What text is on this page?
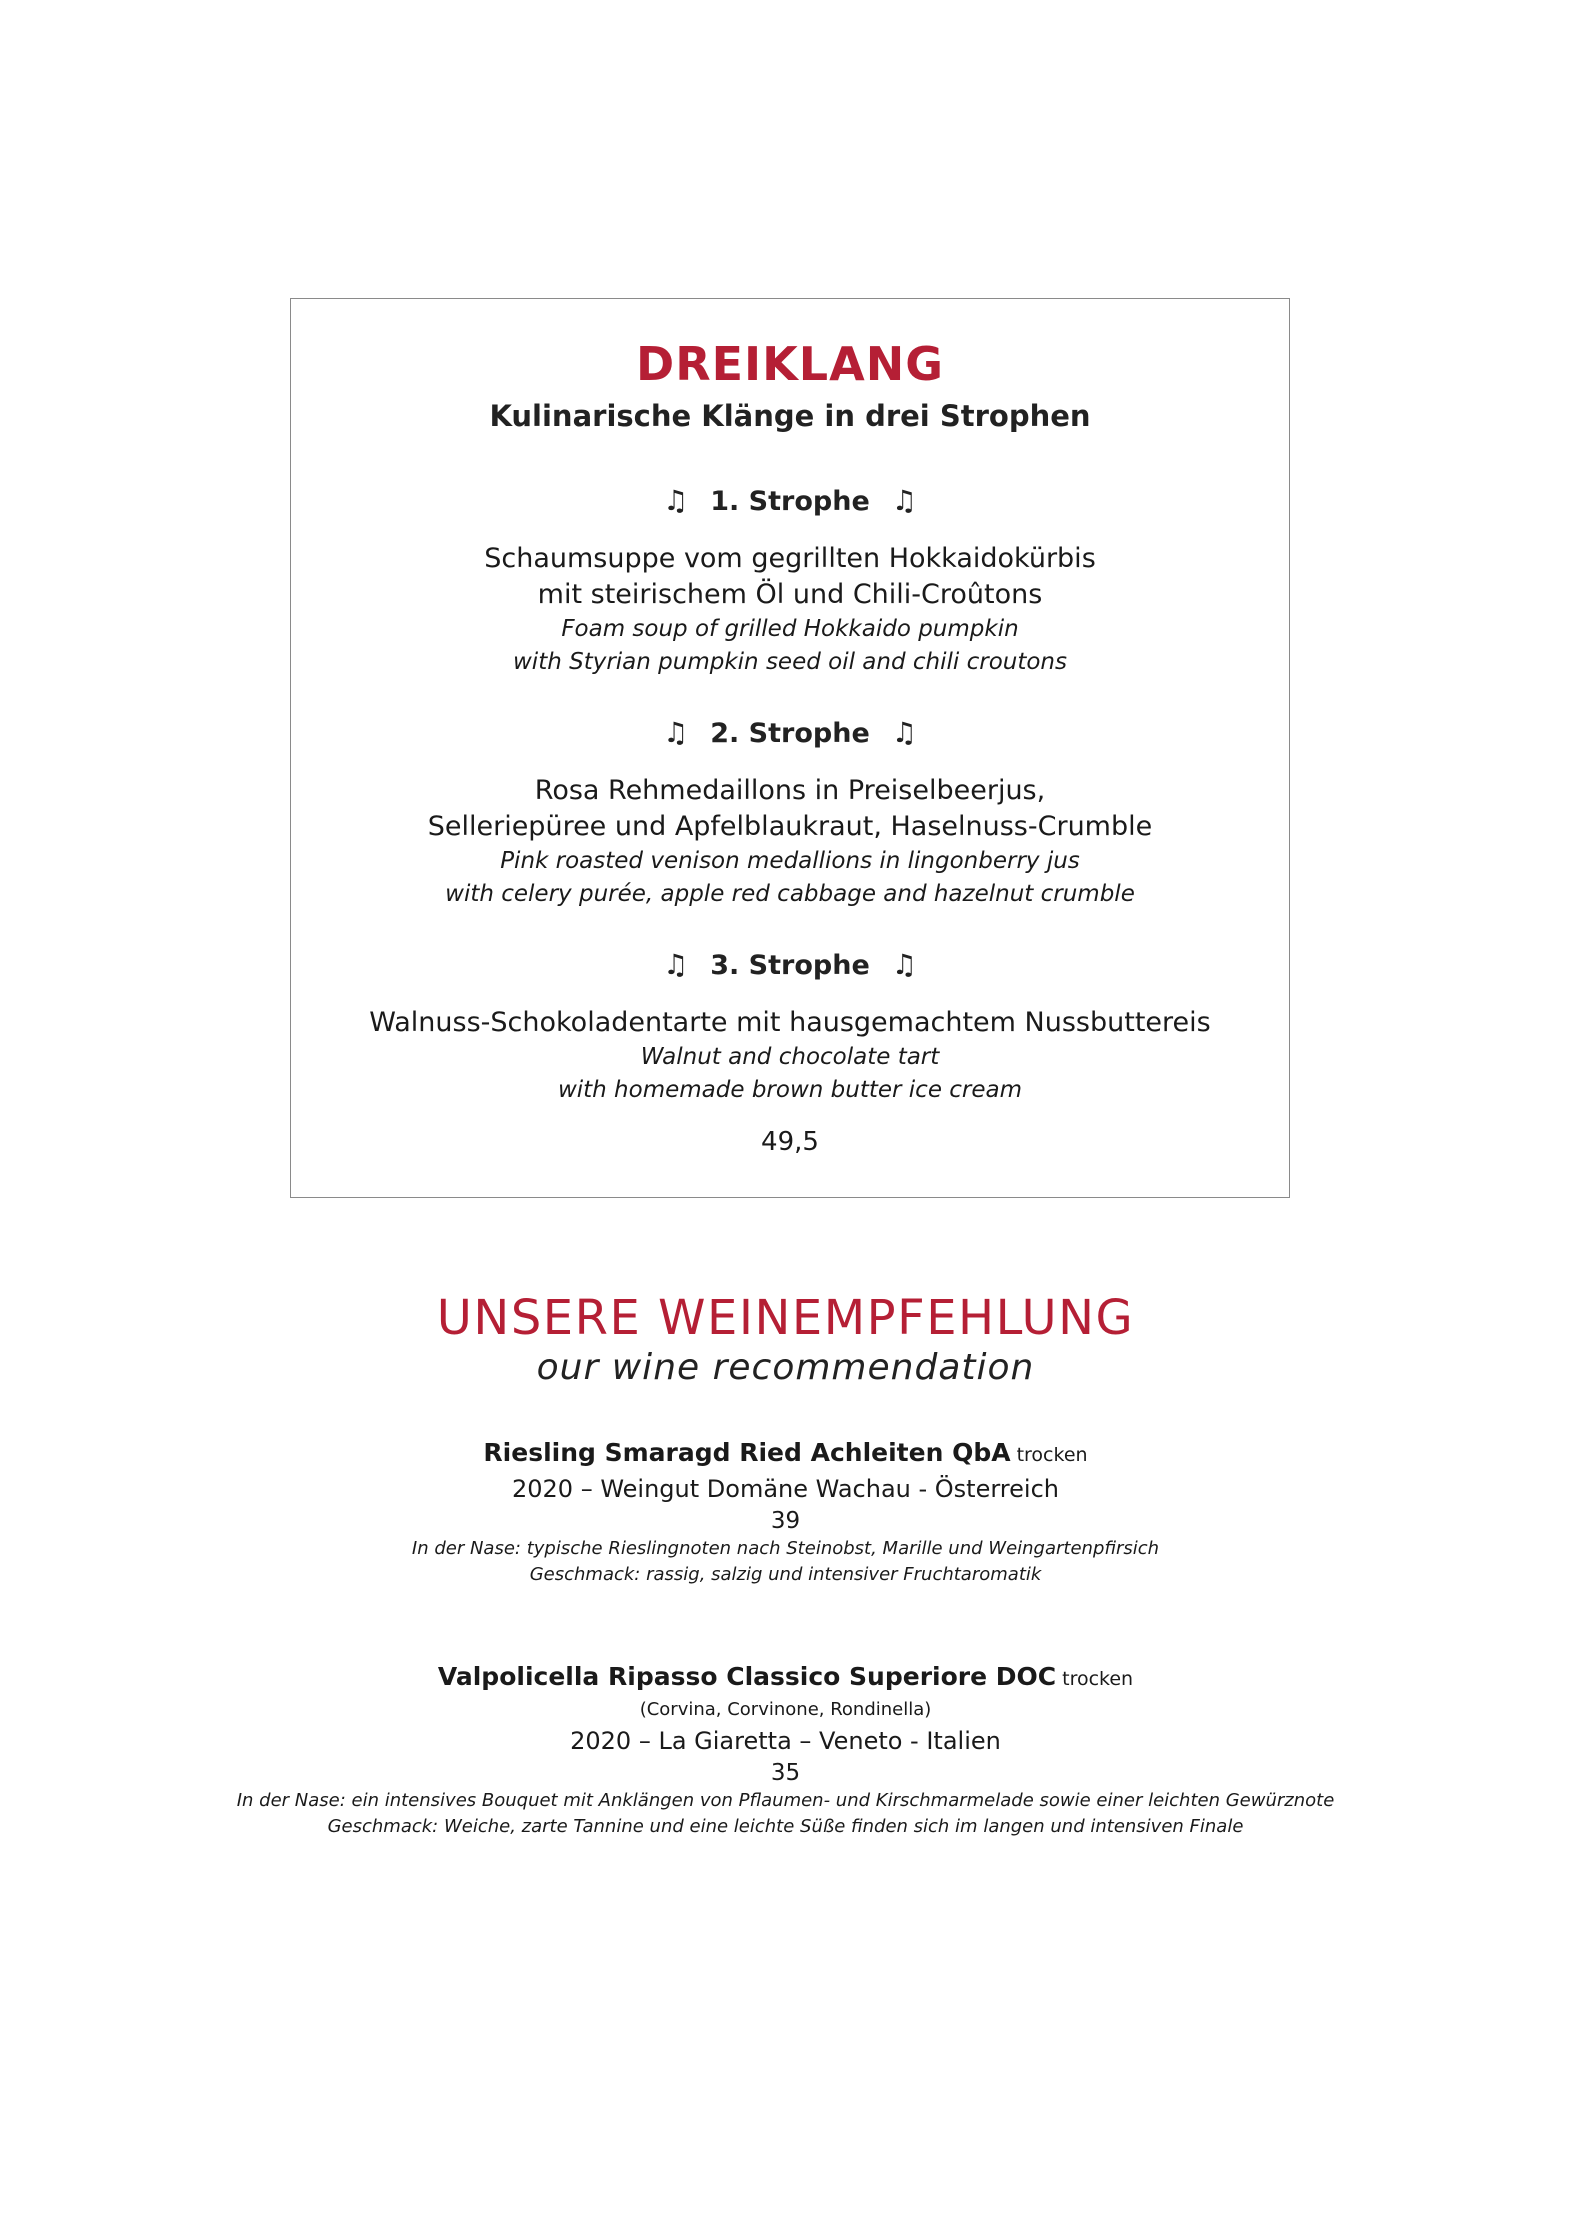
DREIKLANG
Kulinarische Klänge in drei Strophen
♫ 1. Strophe ♫
Schaumsuppe vom gegrillten Hokkaidokürbis
mit steirischem Öl und Chili-Croûtons
Foam soup of grilled Hokkaido pumpkin
with Styrian pumpkin seed oil and chili croutons
♫ 2. Strophe ♫
Rosa Rehmedaillons in Preiselbeerjus,
Selleriepüree und Apfelblaukraut, Haselnuss-Crumble
Pink roasted venison medallions in lingonberry jus
with celery purée, apple red cabbage and hazelnut crumble
♫ 3. Strophe ♫
Walnuss-Schokoladentarte mit hausgemachtem Nussbuttereis
Walnut and chocolate tart
with homemade brown butter ice cream
49,5
UNSERE WEINEMPFEHLUNG
our wine recommendation
Riesling Smaragd Ried Achleiten QbA trocken
2020 – Weingut Domäne Wachau - Österreich
39
In der Nase: typische Rieslingnoten nach Steinobst, Marille und Weingartenpfirsich
Geschmack: rassig, salzig und intensiver Fruchtaromatik
Valpolicella Ripasso Classico Superiore DOC trocken
(Corvina, Corvinone, Rondinella)
2020 – La Giaretta – Veneto - Italien
35
In der Nase: ein intensives Bouquet mit Anklängen von Pflaumen- und Kirschmarmelade sowie einer leichten Gewürznote
Geschmack: Weiche, zarte Tannine und eine leichte Süße finden sich im langen und intensiven Finale
